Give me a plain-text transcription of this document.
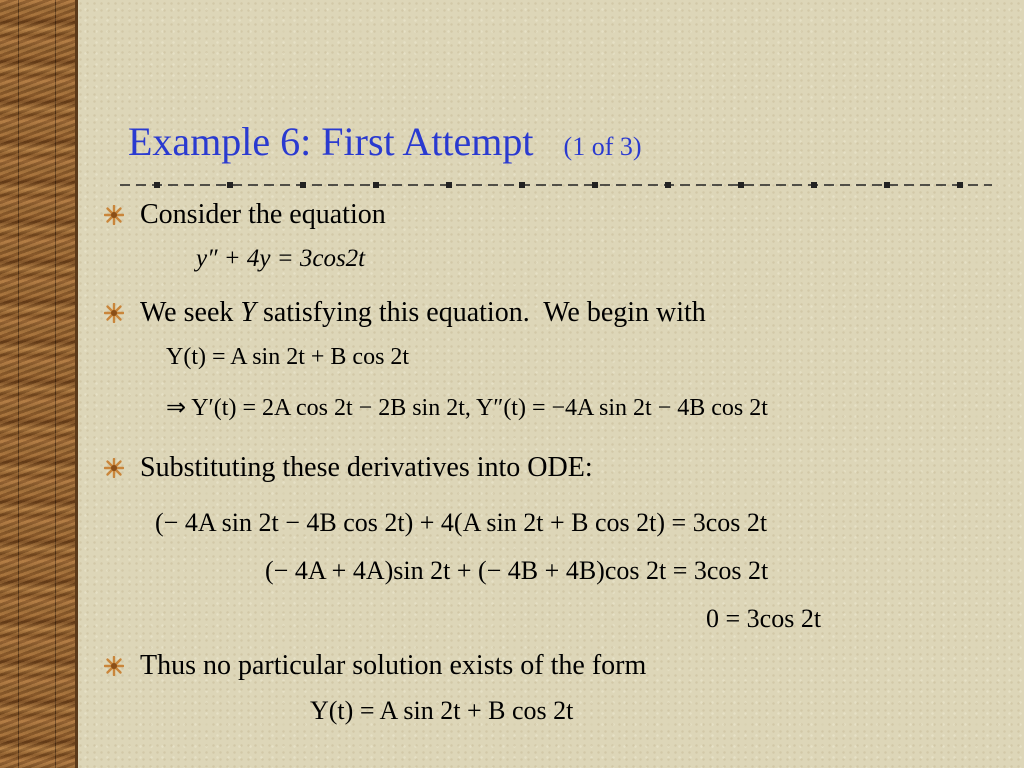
Example 6: First Attempt (1 of 3)
Consider the equation
y″ + 4y = 3cos2t
We seek Y satisfying this equation.  We begin with
Y(t) = A sin 2t + B cos 2t
⇒ Y′(t) = 2A cos 2t − 2B sin 2t, Y″(t) = −4A sin 2t − 4B cos 2t
Substituting these derivatives into ODE:
(− 4A sin 2t − 4B cos 2t) + 4(A sin 2t + B cos 2t) = 3cos 2t
(− 4A + 4A)sin 2t + (− 4B + 4B)cos 2t = 3cos 2t
0 = 3cos 2t
Thus no particular solution exists of the form
Y(t) = A sin 2t + B cos 2t
